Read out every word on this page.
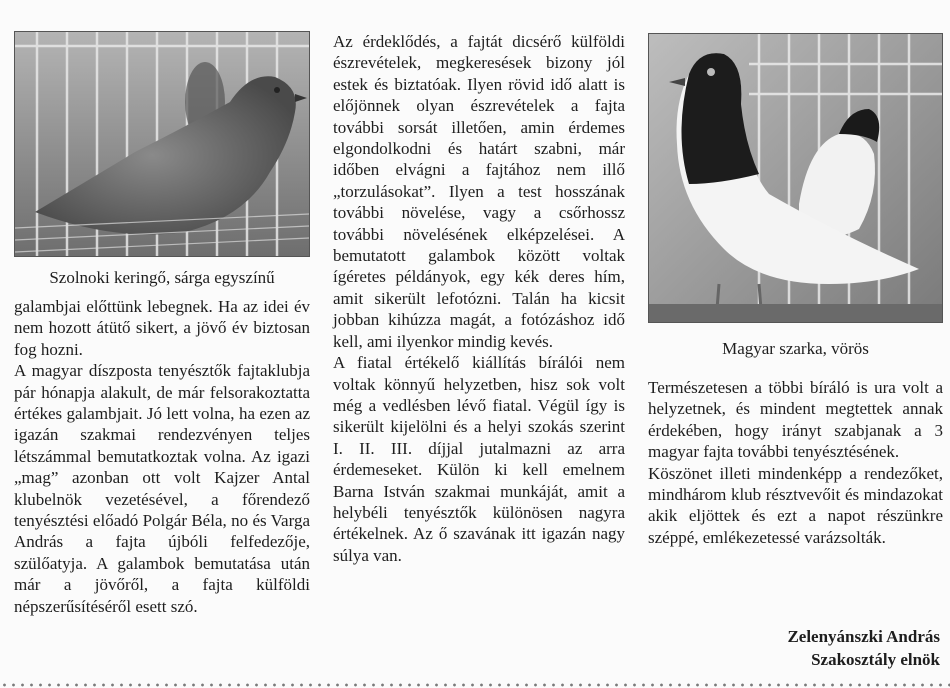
Szolnoki keringő, sárga egyszínű

galambjai előttünk lebegnek. Ha az idei év nem hozott átütő sikert, a jövő év biztosan fog hozni.

A magyar díszposta tenyésztők fajtaklubja pár hónapja alakult, de már felsorakoztatta értékes galambjait. Jó lett volna, ha ezen az igazán szakmai rendezvényen teljes létszámmal bemutatkoztak volna. Az igazi „mag” azonban ott volt Kajzer Antal klubelnök vezetésével, a főrendező tenyésztési előadó Polgár Béla, no és Varga András a fajta újbóli felfedezője, szülőatyja. A galambok bemutatása után már a jövőről, a fajta külföldi népszerűsítéséről esett szó.

Az érdeklődés, a fajtát dicsérő külföldi észrevételek, megkeresések bizony jól estek és biztatóak. Ilyen rövid idő alatt is előjönnek olyan észrevételek a fajta további sorsát illetően, amin érdemes elgondolkodni és határt szabni, már időben elvágni a fajtához nem illő „torzulásokat”. Ilyen a test hosszának további növelése, vagy a csőrhossz további növelésének elképzelései. A bemutatott galambok között voltak ígéretes példányok, egy kék deres hím, amit sikerült lefotózni. Talán ha kicsit jobban kihúzza magát, a fotózáshoz idő kell, ami ilyenkor mindig kevés.

A fiatal értékelő kiállítás bírálói nem voltak könnyű helyzetben, hisz sok volt még a vedlésben lévő fiatal. Végül így is sikerült kijelölni és a helyi szokás szerint I. II. III. díjjal jutalmazni az arra érdemeseket. Külön ki kell emelnem Barna István szakmai munkáját, amit a helybéli tenyésztők különösen nagyra értékelnek. Az ő szavának itt igazán nagy súlya van.

Magyar szarka, vörös

Természetesen a többi bíráló is ura volt a helyzetnek, és mindent megtettek annak érdekében, hogy irányt szabjanak a 3 magyar fajta további tenyésztésének.

Köszönet illeti mindenképp a rendezőket, mindhárom klub résztvevőit és mindazokat akik eljöttek és ezt a napot részünkre széppé, emlékezetessé varázsolták.

Zelenyánszki András

Szakosztály elnök
